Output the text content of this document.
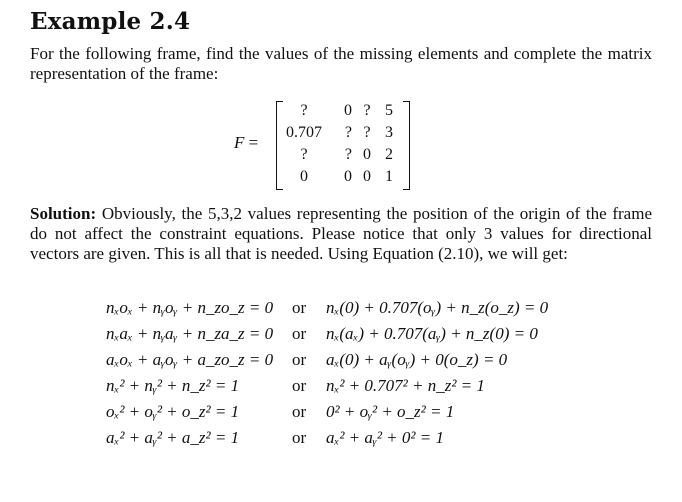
Example 2.4

For the following frame, find the values of the missing elements and complete the matrix representation of the frame:

F =
?	0	?	5
0.707	?	?	3
?	?	0	2
0	0	0	1

Solution: Obviously, the 5,3,2 values representing the position of the origin of the frame do not affect the constraint equations. Please notice that only 3 values for directional vectors are given. This is all that is needed. Using Equation (2.10), we will get:

nₓoₓ + nᵧoᵧ + n_zo_z = 0	or	nₓ(0) + 0.707(oᵧ) + n_z(o_z) = 0
nₓaₓ + nᵧaᵧ + n_za_z = 0	or	nₓ(aₓ) + 0.707(aᵧ) + n_z(0) = 0
aₓoₓ + aᵧoᵧ + a_zo_z = 0	or	aₓ(0) + aᵧ(oᵧ) + 0(o_z) = 0
nₓ² + nᵧ² + n_z² = 1	or	nₓ² + 0.707² + n_z² = 1
oₓ² + oᵧ² + o_z² = 1	or	0² + oᵧ² + o_z² = 1
aₓ² + aᵧ² + a_z² = 1	or	aₓ² + aᵧ² + 0² = 1
